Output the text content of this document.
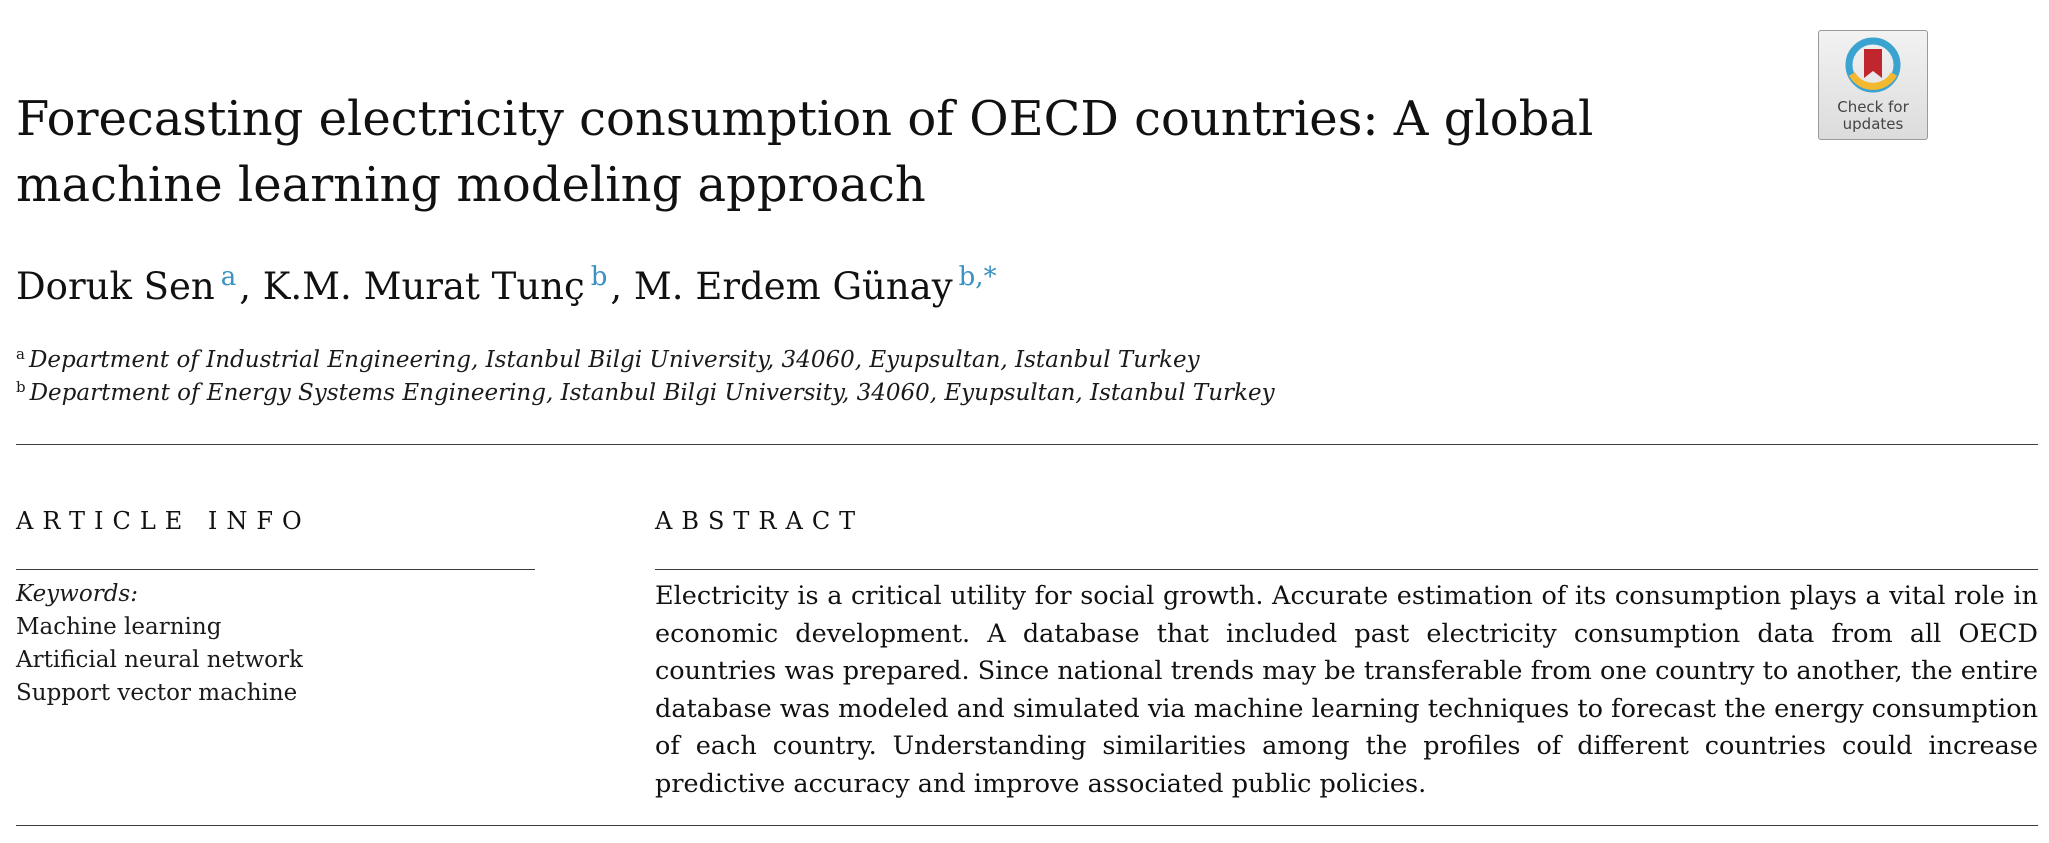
Forecasting electricity consumption of OECD countries: A global machine learning modeling approach
Check for updates
Doruk Sen $^a$, K.M. Murat Tunç $^b$, M. Erdem Günay $^{b,*}$
$^a$ Department of Industrial Engineering, Istanbul Bilgi University, 34060, Eyupsultan, Istanbul Turkey
$^b$ Department of Energy Systems Engineering, Istanbul Bilgi University, 34060, Eyupsultan, Istanbul Turkey
ARTICLE INFO	ABSTRACT
Keywords:
Machine learning
Artificial neural network
Support vector machine

Electricity is a critical utility for social growth. Accurate estimation of its consumption plays a vital role in economic development. A database that included past electricity consumption data from all OECD countries was prepared. Since national trends may be transferable from one country to another, the entire database was modeled and simulated via machine learning techniques to forecast the energy consumption of each country. Understanding similarities among the profiles of different countries could increase predictive accuracy and improve associated public policies.
